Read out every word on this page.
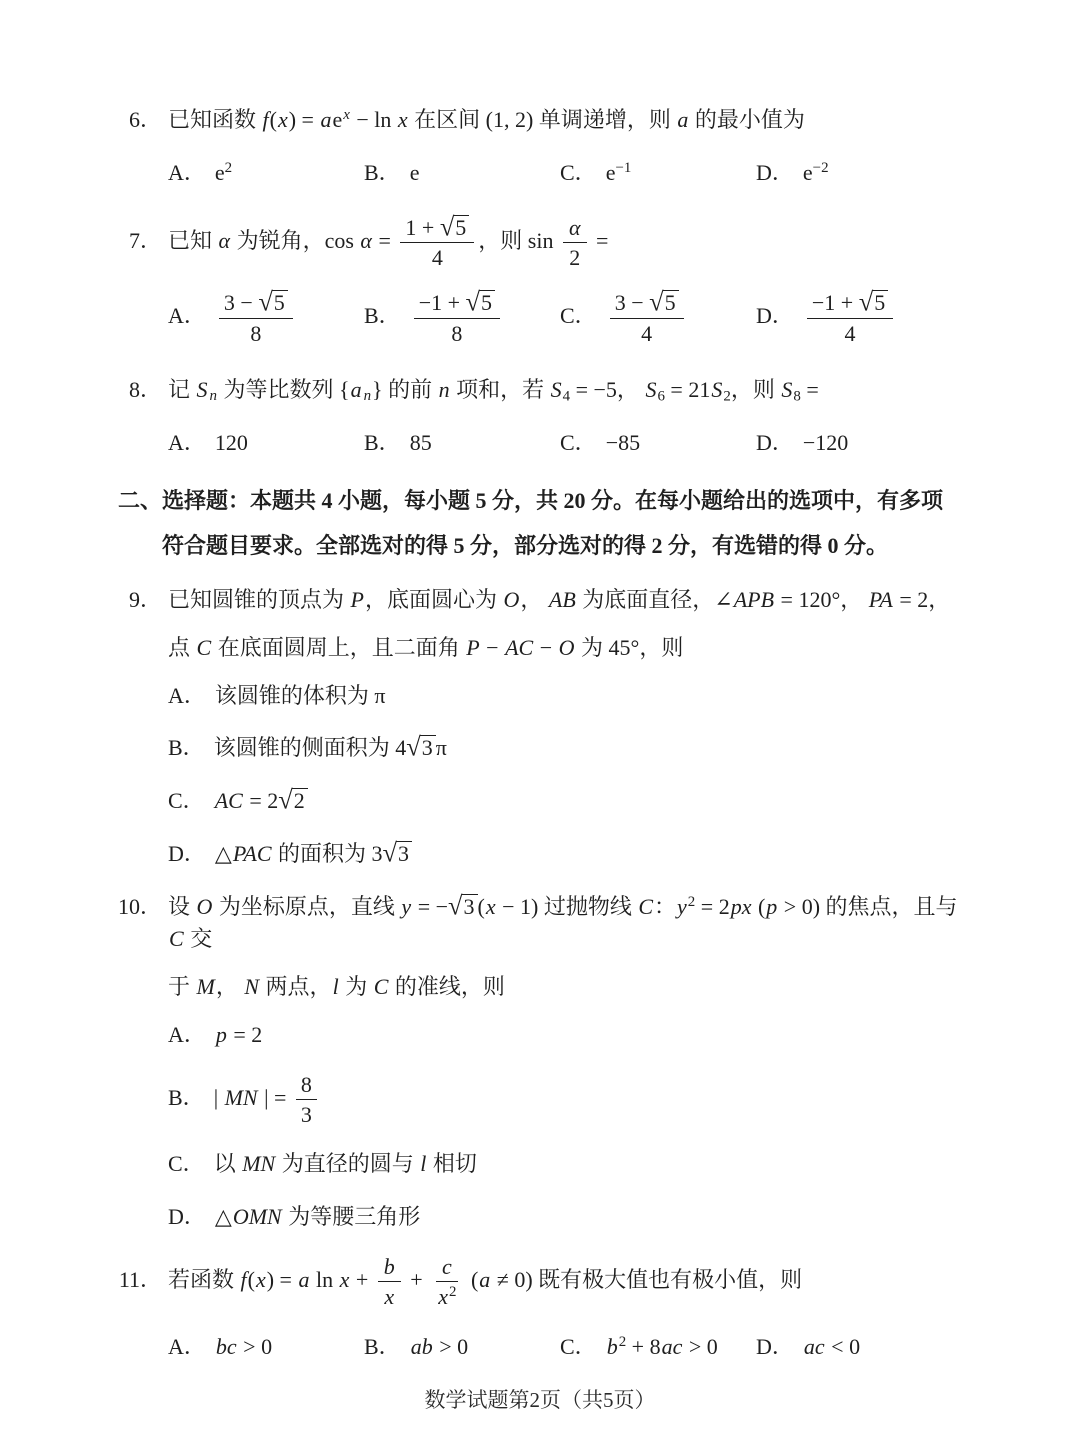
6． 已知函数 $f(x) = ae^x - \ln x$ 在区间 (1, 2) 单调递增，则 a 的最小值为
A． $e^2$	B． e	C． $e^{-1}$	D． $e^{-2}$
7． 已知 α 为锐角，$\cos \alpha = \frac{1 + √5}{4}$ ，则 $\sin \frac{\alpha}{2}$ =
A． $\frac{3 - √5}{8}$	B． $\frac{-1 + √5}{8}$	C． $\frac{3 - √5}{4}$	D． $\frac{-1 + √5}{4}$
8． 记 S $_n$ 为等比数列 {a $_n$} 的前 n 项和，若 $S_4 = -5$， $S_6 = 21S_2$，则 $S_8$ =
A． 120	B． 85	C． −85	D． −120
二、选择题：本题共 4 小题，每小题 5 分，共 20 分。在每小题给出的选项中，有多项
符合题目要求。全部选对的得 5 分，部分选对的得 2 分，有选错的得 0 分。
9． 已知圆锥的顶点为 P，底面圆心为 O， AB 为底面直径，∠APB = 120°， PA = 2，
点 C 在底面圆周上，且二面角 P − AC − O 为 45°，则
A． 该圆锥的体积为 π
B． 该圆锥的侧面积为 4√3 π
C． AC = 2√2
D． △PAC 的面积为 3√3
10． 设 O 为坐标原点，直线 y = −√3 (x − 1) 过抛物线 C：$y^2 = 2px$ (p > 0) 的焦点，且与 C 交
于 M， N 两点，l 为 C 的准线，则
A． p = 2
B． | MN | = $\frac{8}{3}$
C． 以 MN 为直径的圆与 l 相切
D． △OMN 为等腰三角形
11． 若函数 f(x) = a $\ln x + \frac{b}{x} + \frac{c}{x^2} (a \ne 0)$ 既有极大值也有极小值，则
A． bc > 0	B． ab > 0	C． $b^2 + 8ac > 0$	D． ac < 0
数学试题第2页（共5页）
